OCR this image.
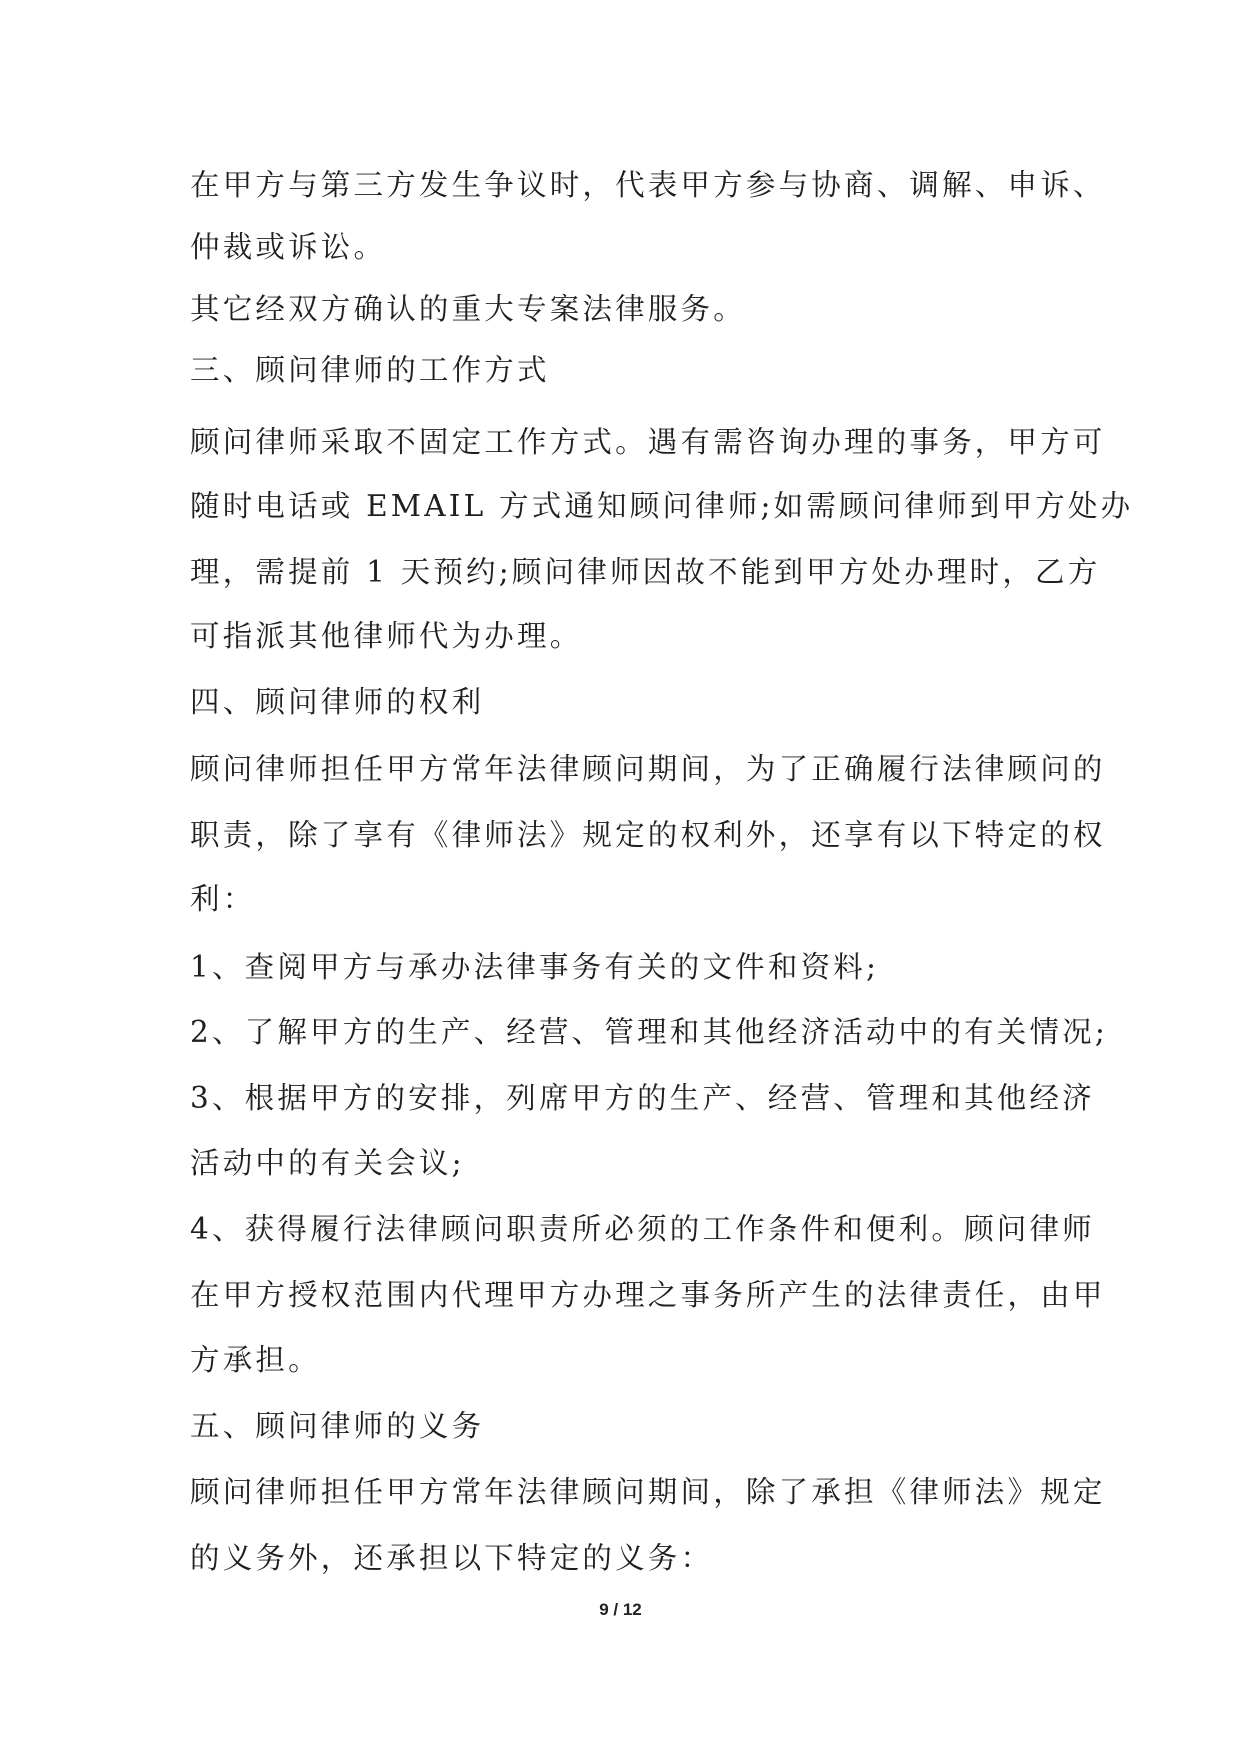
在甲方与第三方发生争议时，代表甲方参与协商、调解、申诉、
仲裁或诉讼。
其它经双方确认的重大专案法律服务。
三、顾问律师的工作方式
顾问律师采取不固定工作方式。遇有需咨询办理的事务，甲方可
随时电话或 EMAIL 方式通知顾问律师;如需顾问律师到甲方处办
理，需提前 1 天预约;顾问律师因故不能到甲方处办理时，乙方
可指派其他律师代为办理。
四、顾问律师的权利
顾问律师担任甲方常年法律顾问期间，为了正确履行法律顾问的
职责，除了享有《律师法》规定的权利外，还享有以下特定的权
利：
1、查阅甲方与承办法律事务有关的文件和资料;
2、了解甲方的生产、经营、管理和其他经济活动中的有关情况;
3、根据甲方的安排，列席甲方的生产、经营、管理和其他经济
活动中的有关会议;
4、获得履行法律顾问职责所必须的工作条件和便利。顾问律师
在甲方授权范围内代理甲方办理之事务所产生的法律责任，由甲
方承担。
五、顾问律师的义务
顾问律师担任甲方常年法律顾问期间，除了承担《律师法》规定
的义务外，还承担以下特定的义务：
9 / 12
